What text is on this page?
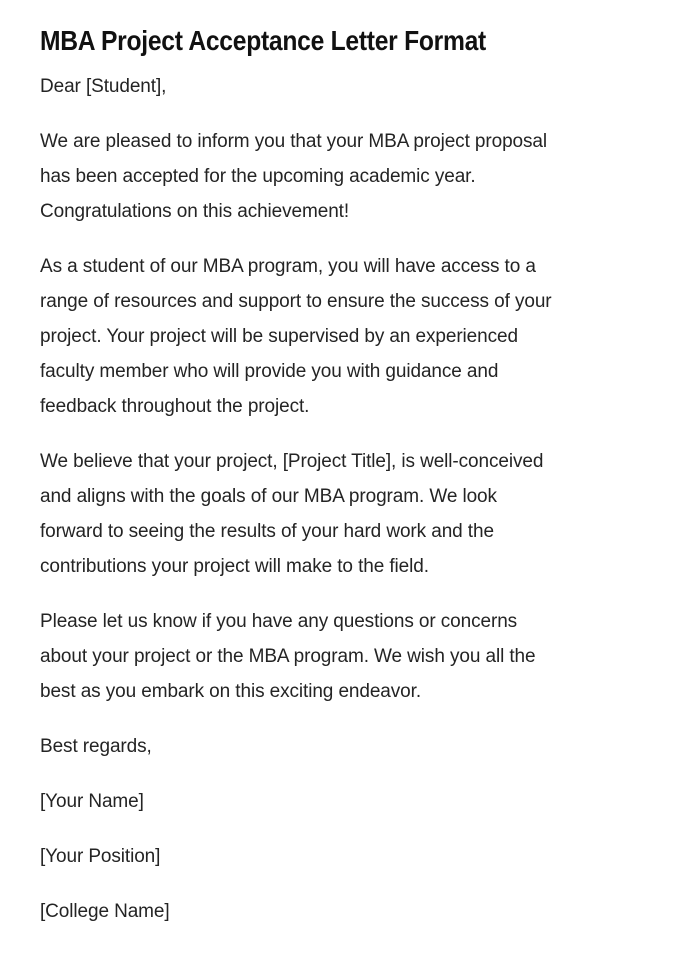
MBA Project Acceptance Letter Format

Dear [Student],

We are pleased to inform you that your MBA project proposal
has been accepted for the upcoming academic year.
Congratulations on this achievement!

As a student of our MBA program, you will have access to a
range of resources and support to ensure the success of your
project. Your project will be supervised by an experienced
faculty member who will provide you with guidance and
feedback throughout the project.

We believe that your project, [Project Title], is well-conceived
and aligns with the goals of our MBA program. We look
forward to seeing the results of your hard work and the
contributions your project will make to the field.

Please let us know if you have any questions or concerns
about your project or the MBA program. We wish you all the
best as you embark on this exciting endeavor.

Best regards,

[Your Name]

[Your Position]

[College Name]
